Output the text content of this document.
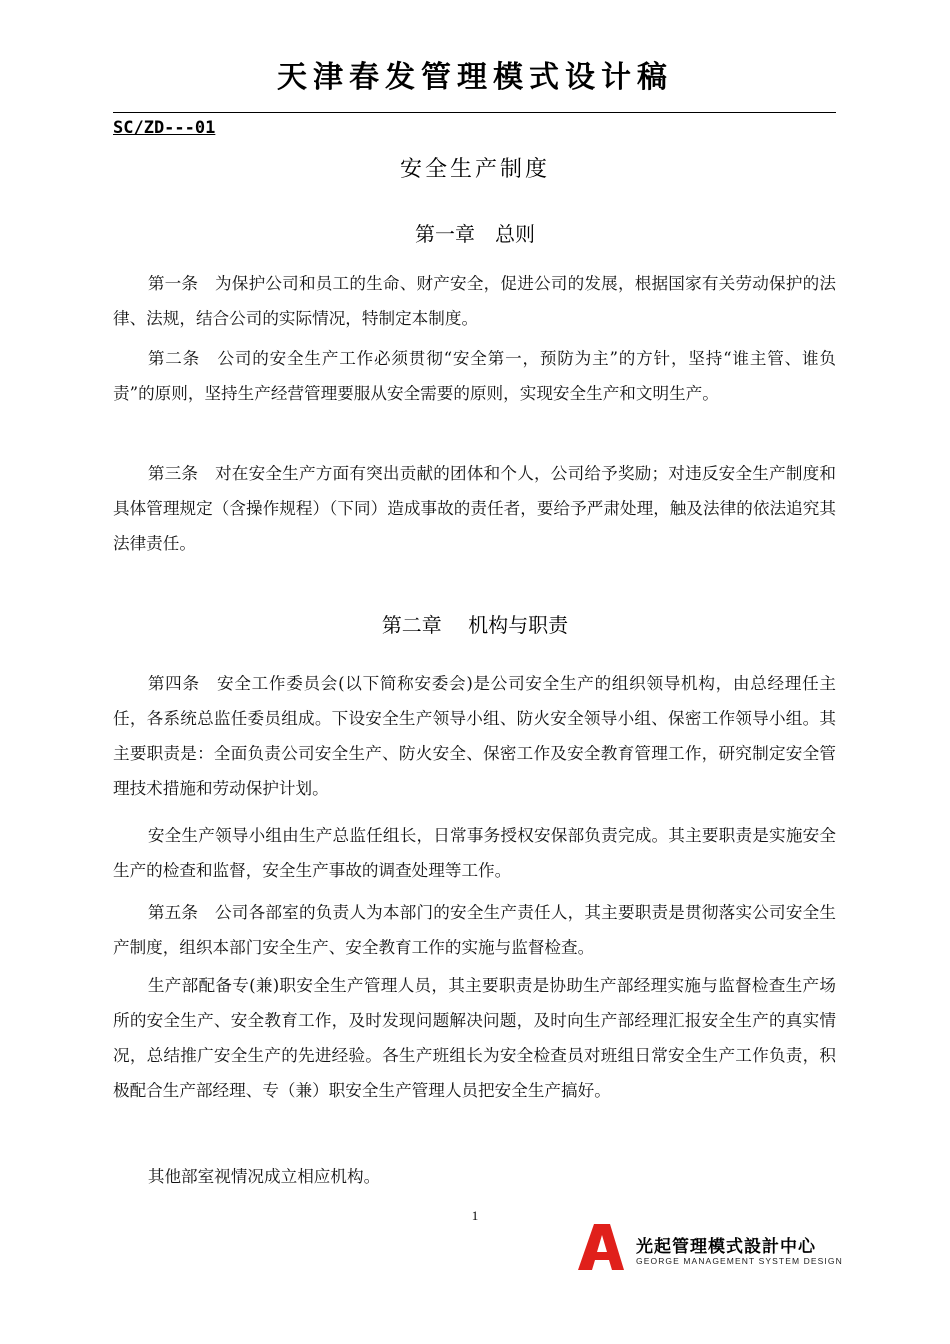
天津春发管理模式设计稿
SC/ZD---01
安全生产制度
第一章　总则

第一条　为保护公司和员工的生命、财产安全，促进公司的发展，根据国家有关劳动保护的法律、法规，结合公司的实际情况，特制定本制度。

第二条　公司的安全生产工作必须贯彻“安全第一，预防为主”的方针，坚持“谁主管、谁负责”的原则，坚持生产经营管理要服从安全需要的原则，实现安全生产和文明生产。

第三条　对在安全生产方面有突出贡献的团体和个人，公司给予奖励；对违反安全生产制度和具体管理规定（含操作规程）（下同）造成事故的责任者，要给予严肃处理，触及法律的依法追究其法律责任。

第二章　 机构与职责

第四条　安全工作委员会(以下简称安委会)是公司安全生产的组织领导机构，由总经理任主任，各系统总监任委员组成。下设安全生产领导小组、防火安全领导小组、保密工作领导小组。其主要职责是：全面负责公司安全生产、防火安全、保密工作及安全教育管理工作，研究制定安全管理技术措施和劳动保护计划。

安全生产领导小组由生产总监任组长，日常事务授权安保部负责完成。其主要职责是实施安全生产的检查和监督，安全生产事故的调查处理等工作。

第五条　公司各部室的负责人为本部门的安全生产责任人，其主要职责是贯彻落实公司安全生产制度，组织本部门安全生产、安全教育工作的实施与监督检查。

生产部配备专(兼)职安全生产管理人员，其主要职责是协助生产部经理实施与监督检查生产场所的安全生产、安全教育工作，及时发现问题解决问题，及时向生产部经理汇报安全生产的真实情况，总结推广安全生产的先进经验。各生产班组长为安全检查员对班组日常安全生产工作负责，积极配合生产部经理、专（兼）职安全生产管理人员把安全生产搞好。

其他部室视情况成立相应机构。

1
光起管理模式設計中心
GEORGE MANAGEMENT SYSTEM DESIGN
